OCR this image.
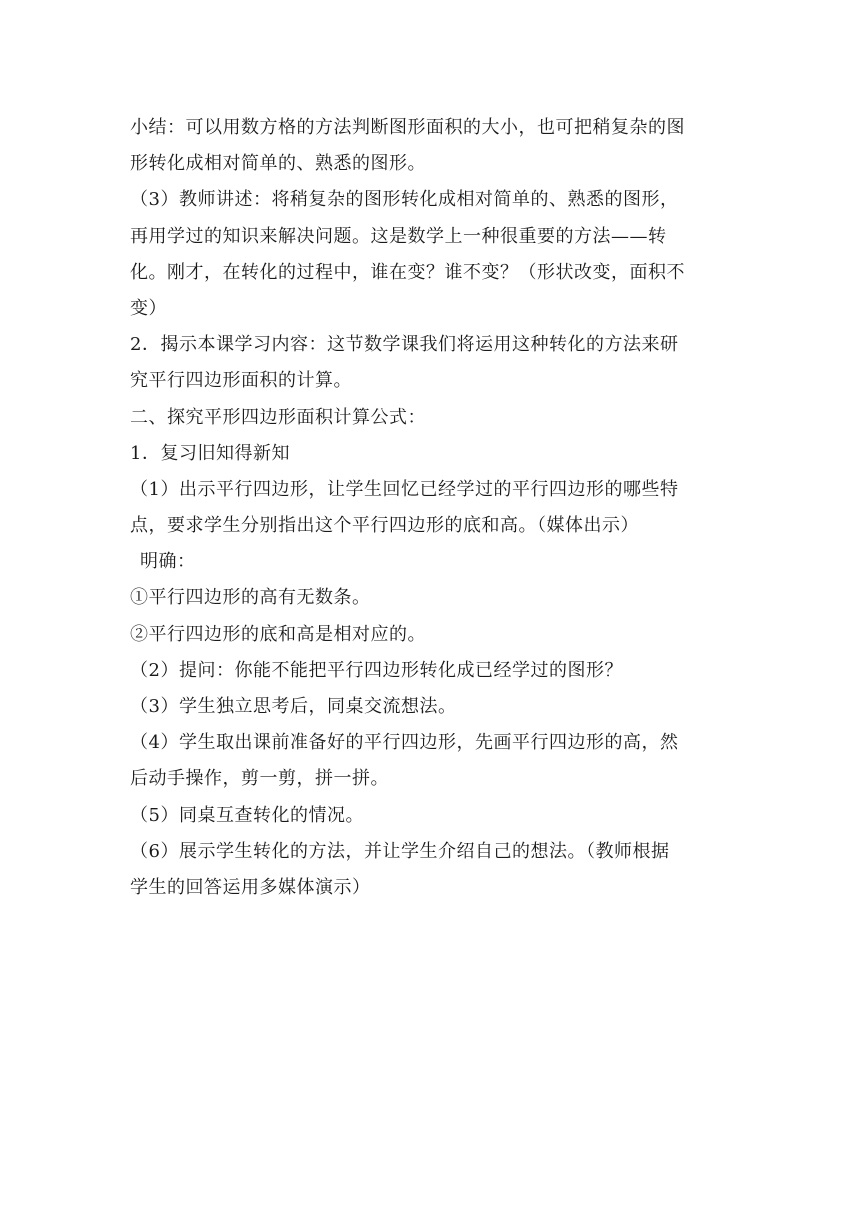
小结：可以用数方格的方法判断图形面积的大小，也可把稍复杂的图
形转化成相对简单的、熟悉的图形。
（3）教师讲述：将稍复杂的图形转化成相对简单的、熟悉的图形，
再用学过的知识来解决问题。这是数学上一种很重要的方法——转
化。刚才，在转化的过程中，谁在变？谁不变？（形状改变，面积不
变）
2．揭示本课学习内容：这节数学课我们将运用这种转化的方法来研
究平行四边形面积的计算。
二、探究平形四边形面积计算公式：
1．复习旧知得新知
（1）出示平行四边形，让学生回忆已经学过的平行四边形的哪些特
点，要求学生分别指出这个平行四边形的底和高。（媒体出示）
明确：
①平行四边形的高有无数条。
②平行四边形的底和高是相对应的。
（2）提问：你能不能把平行四边形转化成已经学过的图形？
（3）学生独立思考后，同桌交流想法。
（4）学生取出课前准备好的平行四边形，先画平行四边形的高，然
后动手操作，剪一剪，拼一拼。
（5）同桌互查转化的情况。
（6）展示学生转化的方法，并让学生介绍自己的想法。（教师根据
学生的回答运用多媒体演示）
